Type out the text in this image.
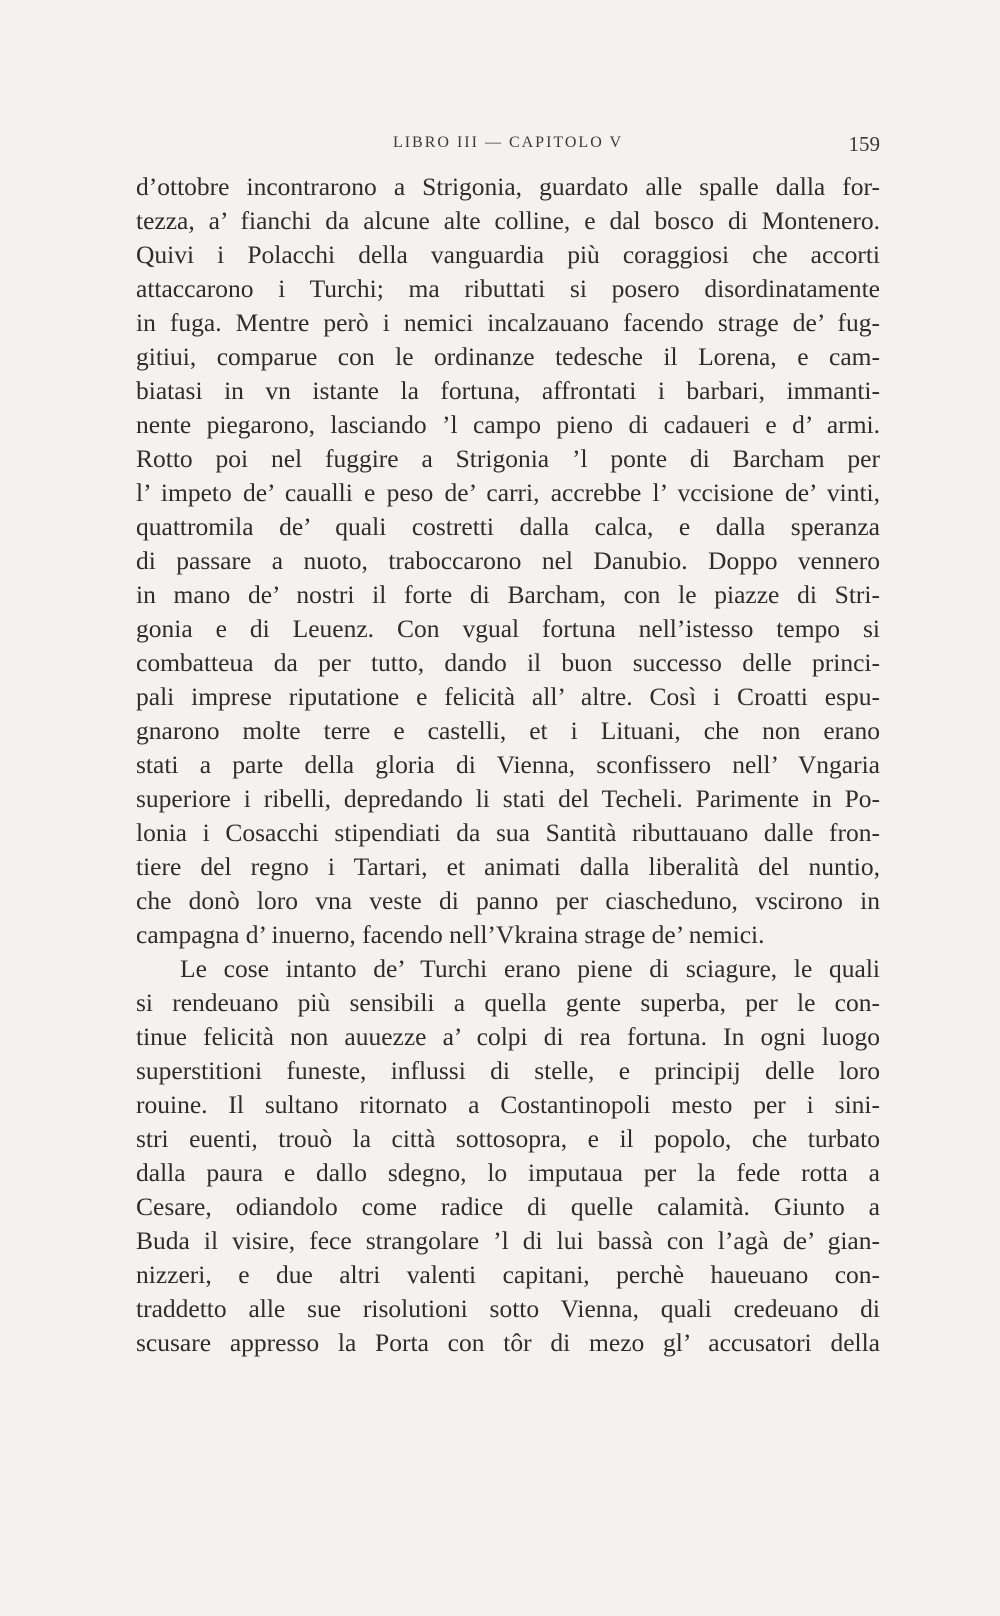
LIBRO III — CAPITOLO V	159
d’ottobre incontrarono a Strigonia, guardato alle spalle dalla for-
tezza, a’ fianchi da alcune alte colline, e dal bosco di Montenero.
Quivi i Polacchi della vanguardia più coraggiosi che accorti
attaccarono i Turchi; ma ributtati si posero disordinatamente
in fuga. Mentre però i nemici incalzauano facendo strage de’ fug-
gitiui, comparue con le ordinanze tedesche il Lorena, e cam-
biatasi in vn istante la fortuna, affrontati i barbari, immanti-
nente piegarono, lasciando ’l campo pieno di cadaueri e d’ armi.
Rotto poi nel fuggire a Strigonia ’l ponte di Barcham per
l’ impeto de’ caualli e peso de’ carri, accrebbe l’ vccisione de’ vinti,
quattromila de’ quali costretti dalla calca, e dalla speranza
di passare a nuoto, traboccarono nel Danubio. Doppo vennero
in mano de’ nostri il forte di Barcham, con le piazze di Stri-
gonia e di Leuenz. Con vgual fortuna nell’istesso tempo si
combatteua da per tutto, dando il buon successo delle princi-
pali imprese riputatione e felicità all’ altre. Così i Croatti espu-
gnarono molte terre e castelli, et i Lituani, che non erano
stati a parte della gloria di Vienna, sconfissero nell’ Vngaria
superiore i ribelli, depredando li stati del Techeli. Parimente in Po-
lonia i Cosacchi stipendiati da sua Santità ributtauano dalle fron-
tiere del regno i Tartari, et animati dalla liberalità del nuntio,
che donò loro vna veste di panno per ciascheduno, vscirono in
campagna d’ inuerno, facendo nell’Vkraina strage de’ nemici.
Le cose intanto de’ Turchi erano piene di sciagure, le quali
si rendeuano più sensibili a quella gente superba, per le con-
tinue felicità non auuezze a’ colpi di rea fortuna. In ogni luogo
superstitioni funeste, influssi di stelle, e principij delle loro
rouine. Il sultano ritornato a Costantinopoli mesto per i sini-
stri euenti, trouò la città sottosopra, e il popolo, che turbato
dalla paura e dallo sdegno, lo imputaua per la fede rotta a
Cesare, odiandolo come radice di quelle calamità. Giunto a
Buda il visire, fece strangolare ’l di lui bassà con l’agà de’ gian-
nizzeri, e due altri valenti capitani, perchè haueuano con-
traddetto alle sue risolutioni sotto Vienna, quali credeuano di
scusare appresso la Porta con tôr di mezo gl’ accusatori della
